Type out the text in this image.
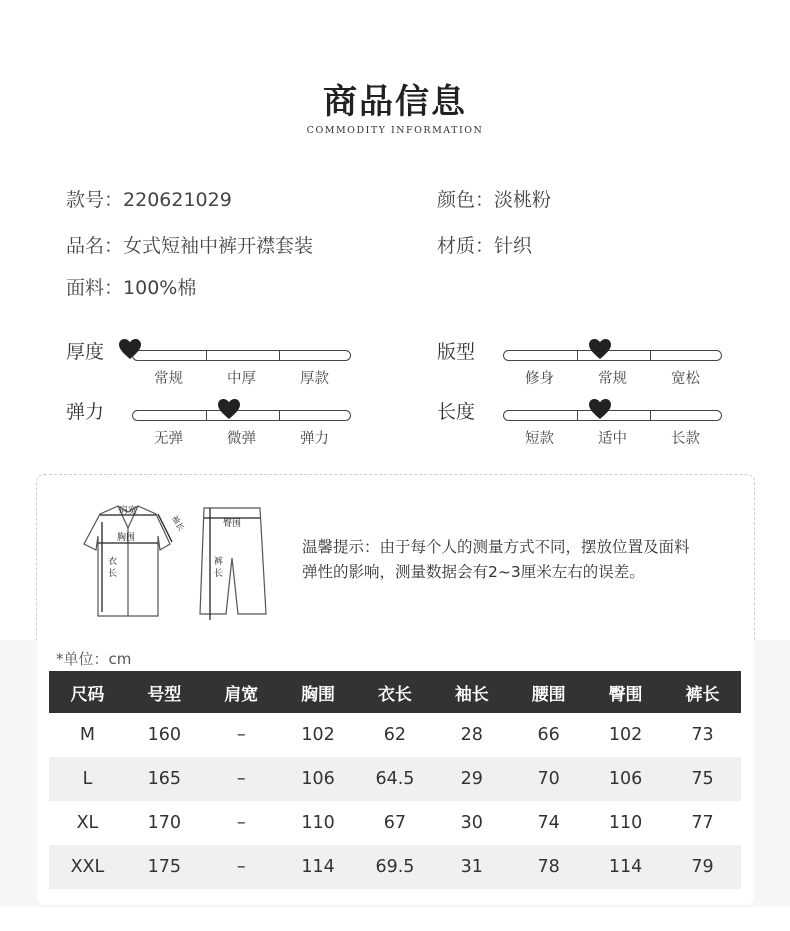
商品信息
COMMODITY INFORMATION
款号：220621029	颜色：淡桃粉
品名：女式短袖中裤开襟套装	材质：针织
面料：100%棉
厚度
常规	中厚	厚款
版型
修身	常规	宽松
弹力
无弹	微弹	弹力
长度
短款	适中	长款
肩宽
胸围
衣
长
袖长	臀围
裤
长
温馨提示：由于每个人的测量方式不同，摆放位置及面料
弹性的影响，测量数据会有2~3厘米左右的误差。
*单位：cm
尺码	号型	肩宽	胸围	衣长	袖长	腰围	臀围	裤长
M	160	–	102	62	28	66	102	73
L	165	–	106	64.5	29	70	106	75
XL	170	–	110	67	30	74	110	77
XXL	175	–	114	69.5	31	78	114	79
